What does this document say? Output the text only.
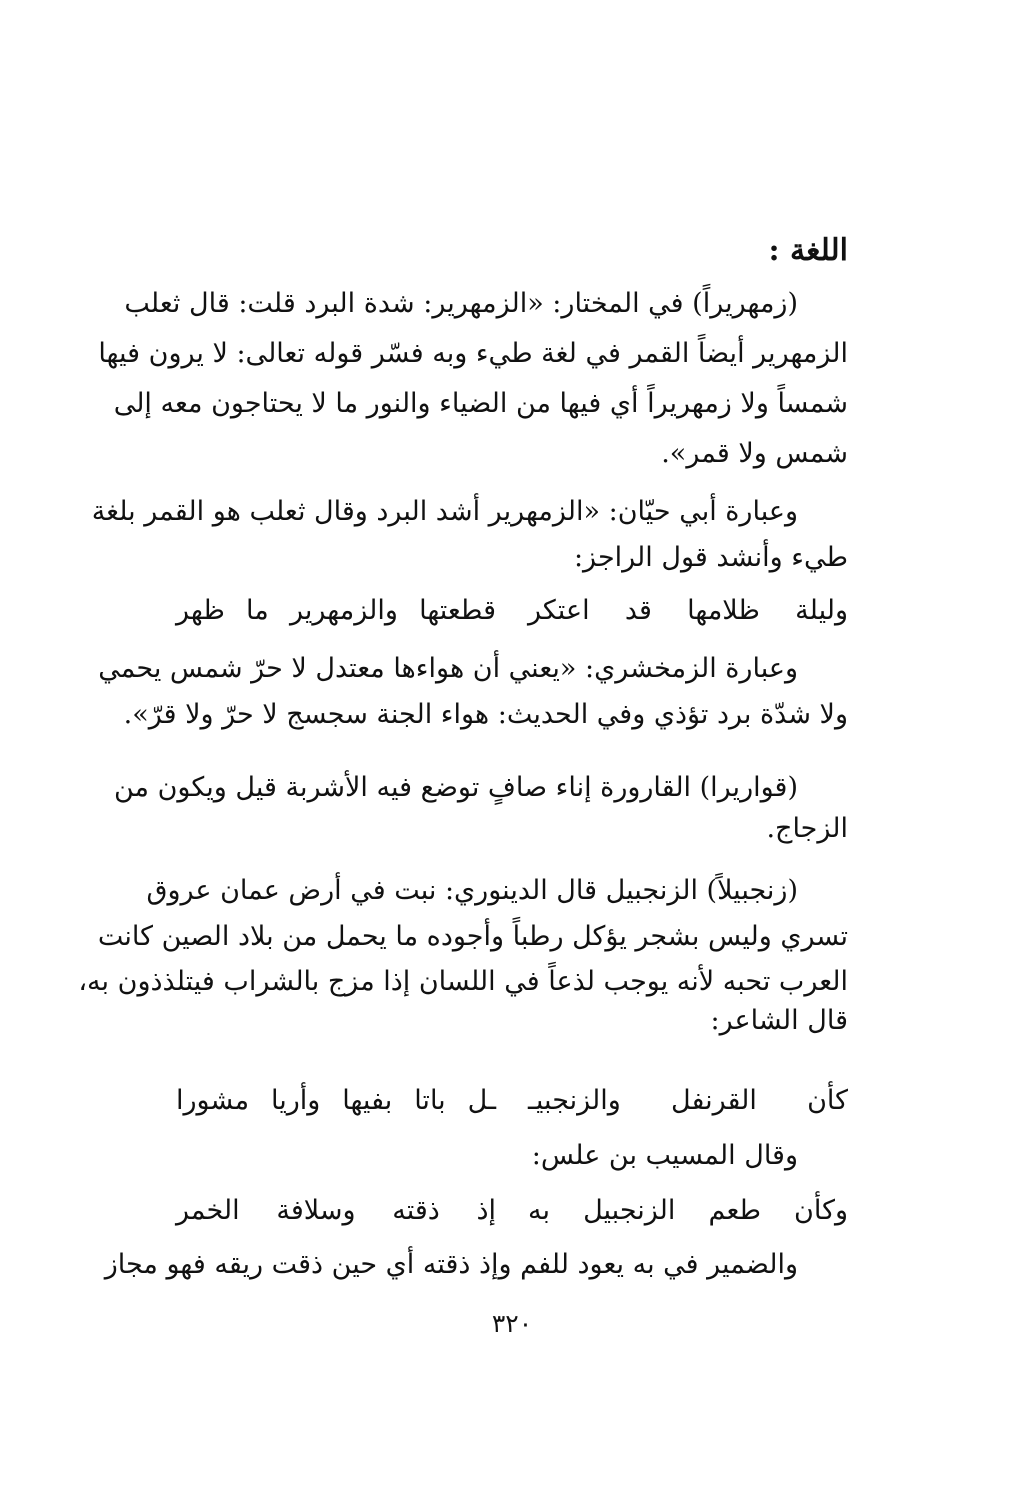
اللغة :
(زمهريراً) في المختار: «الزمهرير: شدة البرد قلت: قال ثعلب
الزمهرير أيضاً القمر في لغة طيء وبه فسّر قوله تعالى: لا يرون فيها
شمساً ولا زمهريراً أي فيها من الضياء والنور ما لا يحتاجون معه إلى
شمس ولا قمر».
وعبارة أبي حيّان: «الزمهرير أشد البرد وقال ثعلب هو القمر بلغة
طيء وأنشد قول الراجز:
وليلة ظلامها قد اعتكر
قطعتها والزمهرير ما ظهر
وعبارة الزمخشري: «يعني أن هواءها معتدل لا حرّ شمس يحمي
ولا شدّة برد تؤذي وفي الحديث: هواء الجنة سجسج لا حرّ ولا قرّ».
(قواريرا) القارورة إناء صافٍ توضع فيه الأشربة قيل ويكون من
الزجاج.
(زنجبيلاً) الزنجبيل قال الدينوري: نبت في أرض عمان عروق
تسري وليس بشجر يؤكل رطباً وأجوده ما يحمل من بلاد الصين كانت
العرب تحبه لأنه يوجب لذعاً في اللسان إذا مزج بالشراب فيتلذذون به،
قال الشاعر:
كأن القرنفل والزنجبيـ
ـل باتا بفيها وأريا مشورا
وقال المسيب بن علس:
وكأن طعم الزنجبيل به
إذ ذقته وسلافة الخمر
والضمير في به يعود للفم وإذ ذقته أي حين ذقت ريقه فهو مجاز
٣٢٠
